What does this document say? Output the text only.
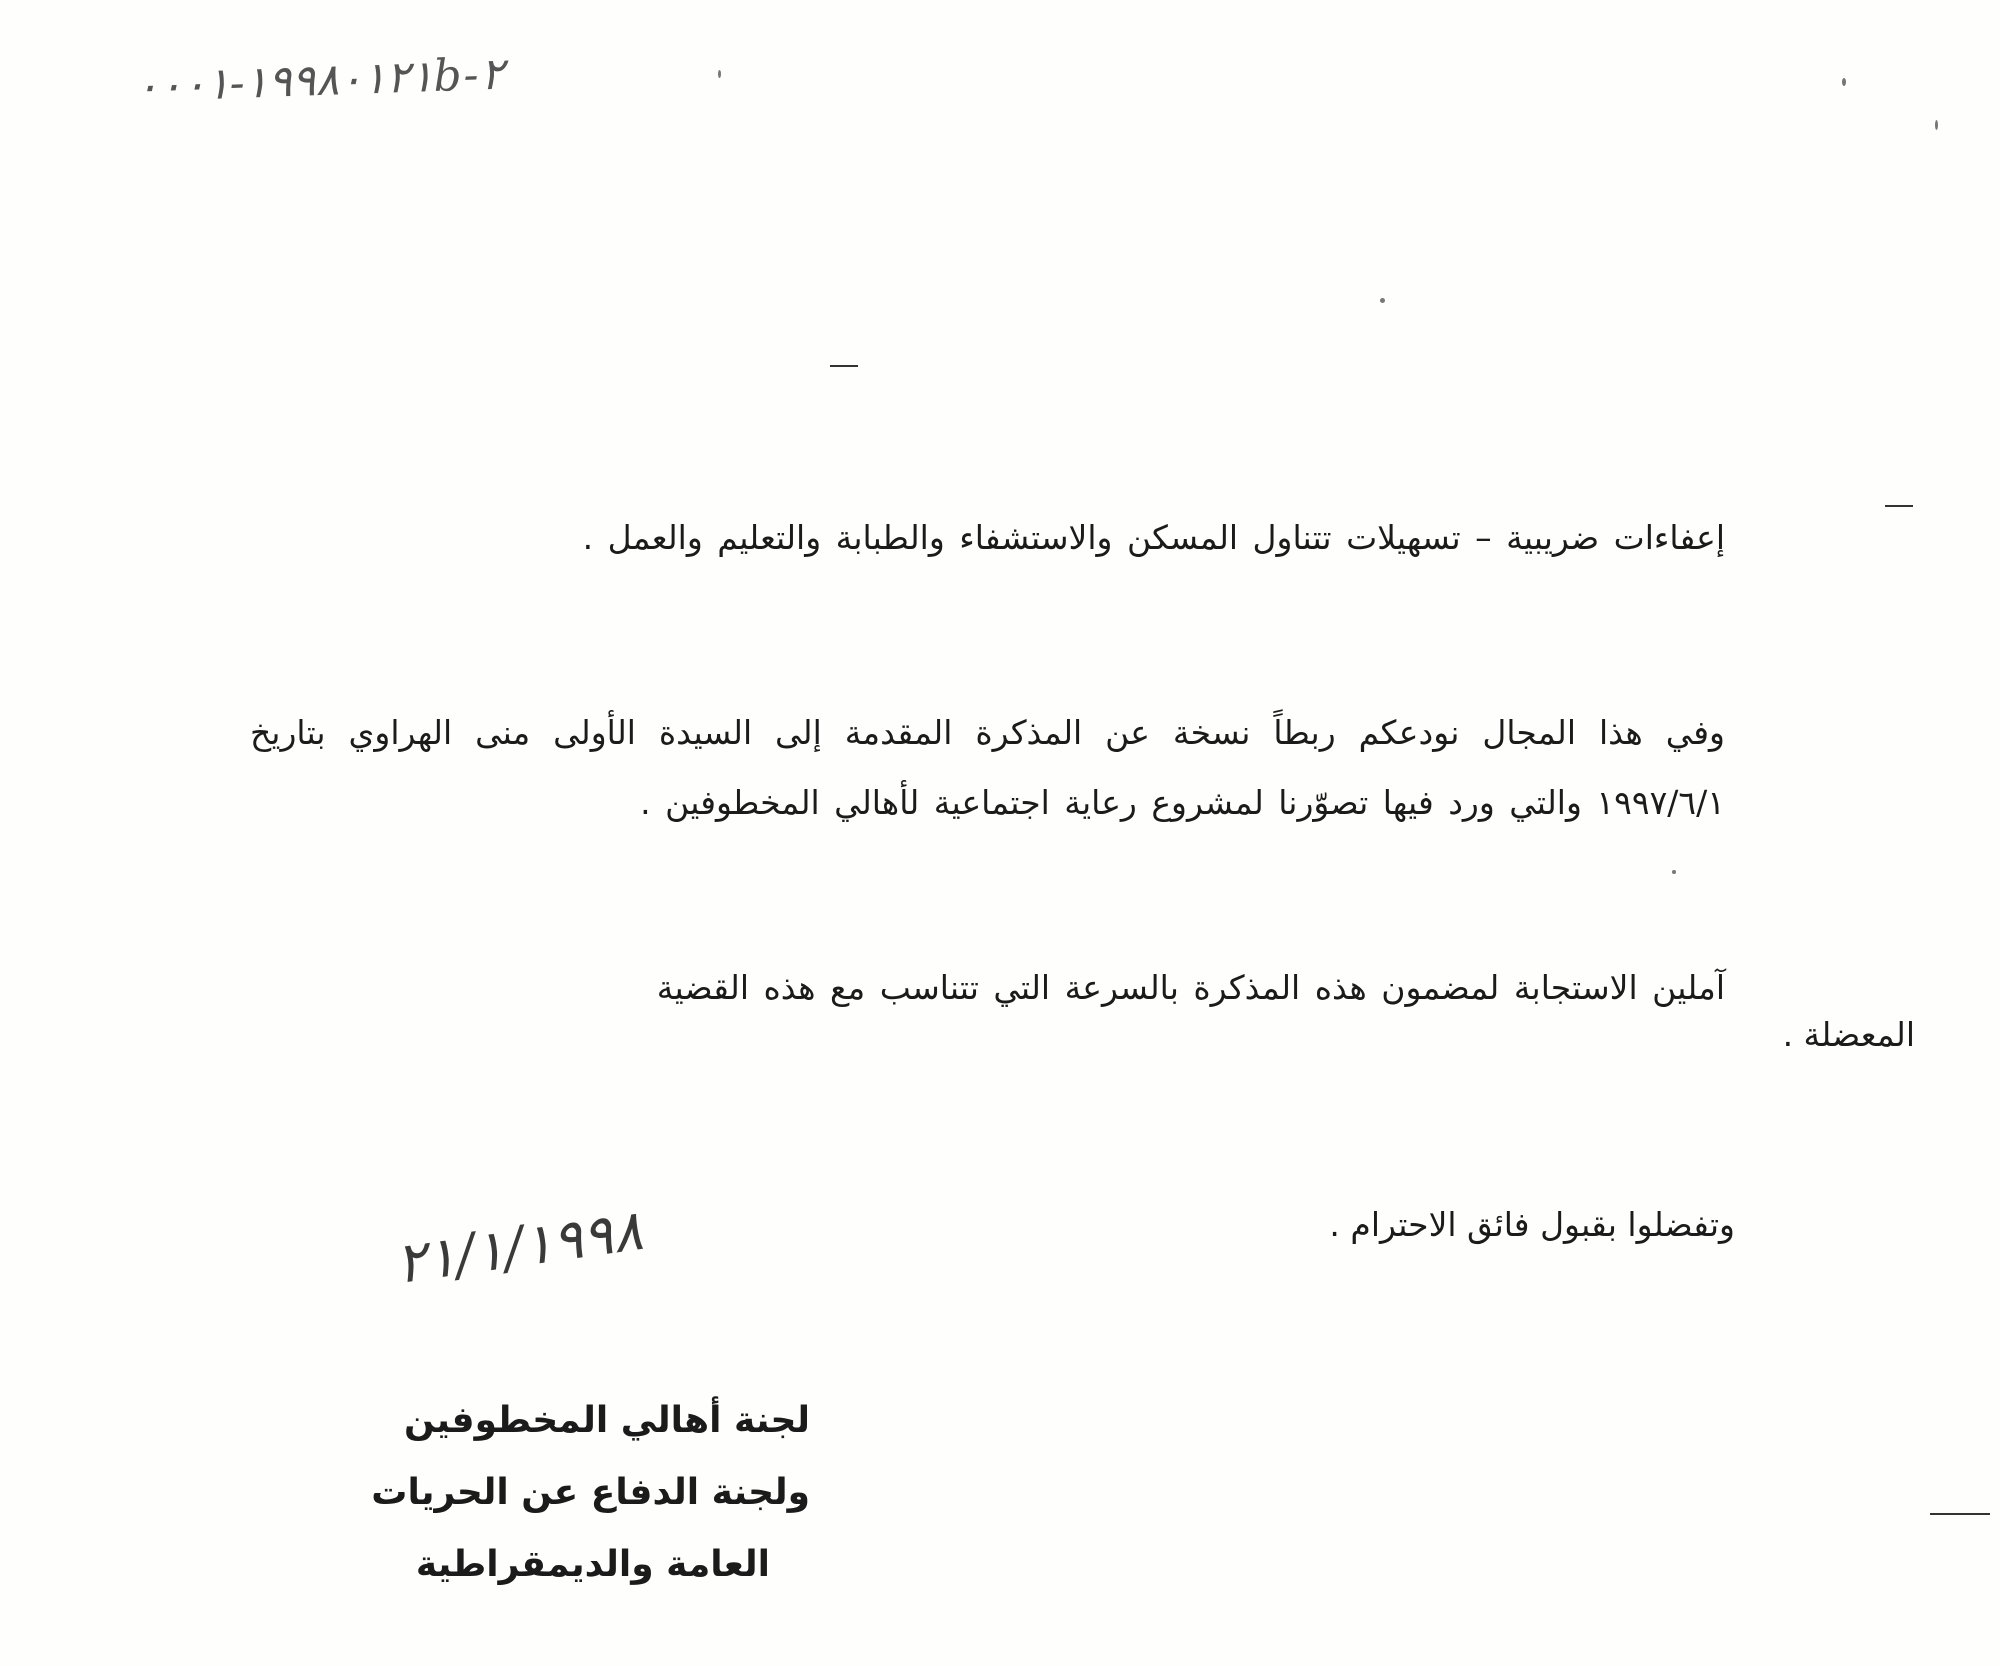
١٩٩٨٠١٢١-٠٠٠١b-٢

إعفاءات ضريبية – تسهيلات تتناول المسكن والاستشفاء والطبابة والتعليم والعمل .

وفي هذا المجال نودعكم ربطاً نسخة عن المذكرة المقدمة إلى السيدة الأولى منى الهراوي بتاريخ ١٩٩٧/٦/١ والتي ورد فيها تصوّرنا لمشروع رعاية اجتماعية لأهالي المخطوفين .

آملين الاستجابة لمضمون هذه المذكرة بالسرعة التي تتناسب مع هذه القضية

المعضلة .
وتفضلوا بقبول فائق الاحترام .
٢١/١/١٩٩٨
لجنة أهالي المخطوفين
ولجنة الدفاع عن الحريات
العامة والديمقراطية
